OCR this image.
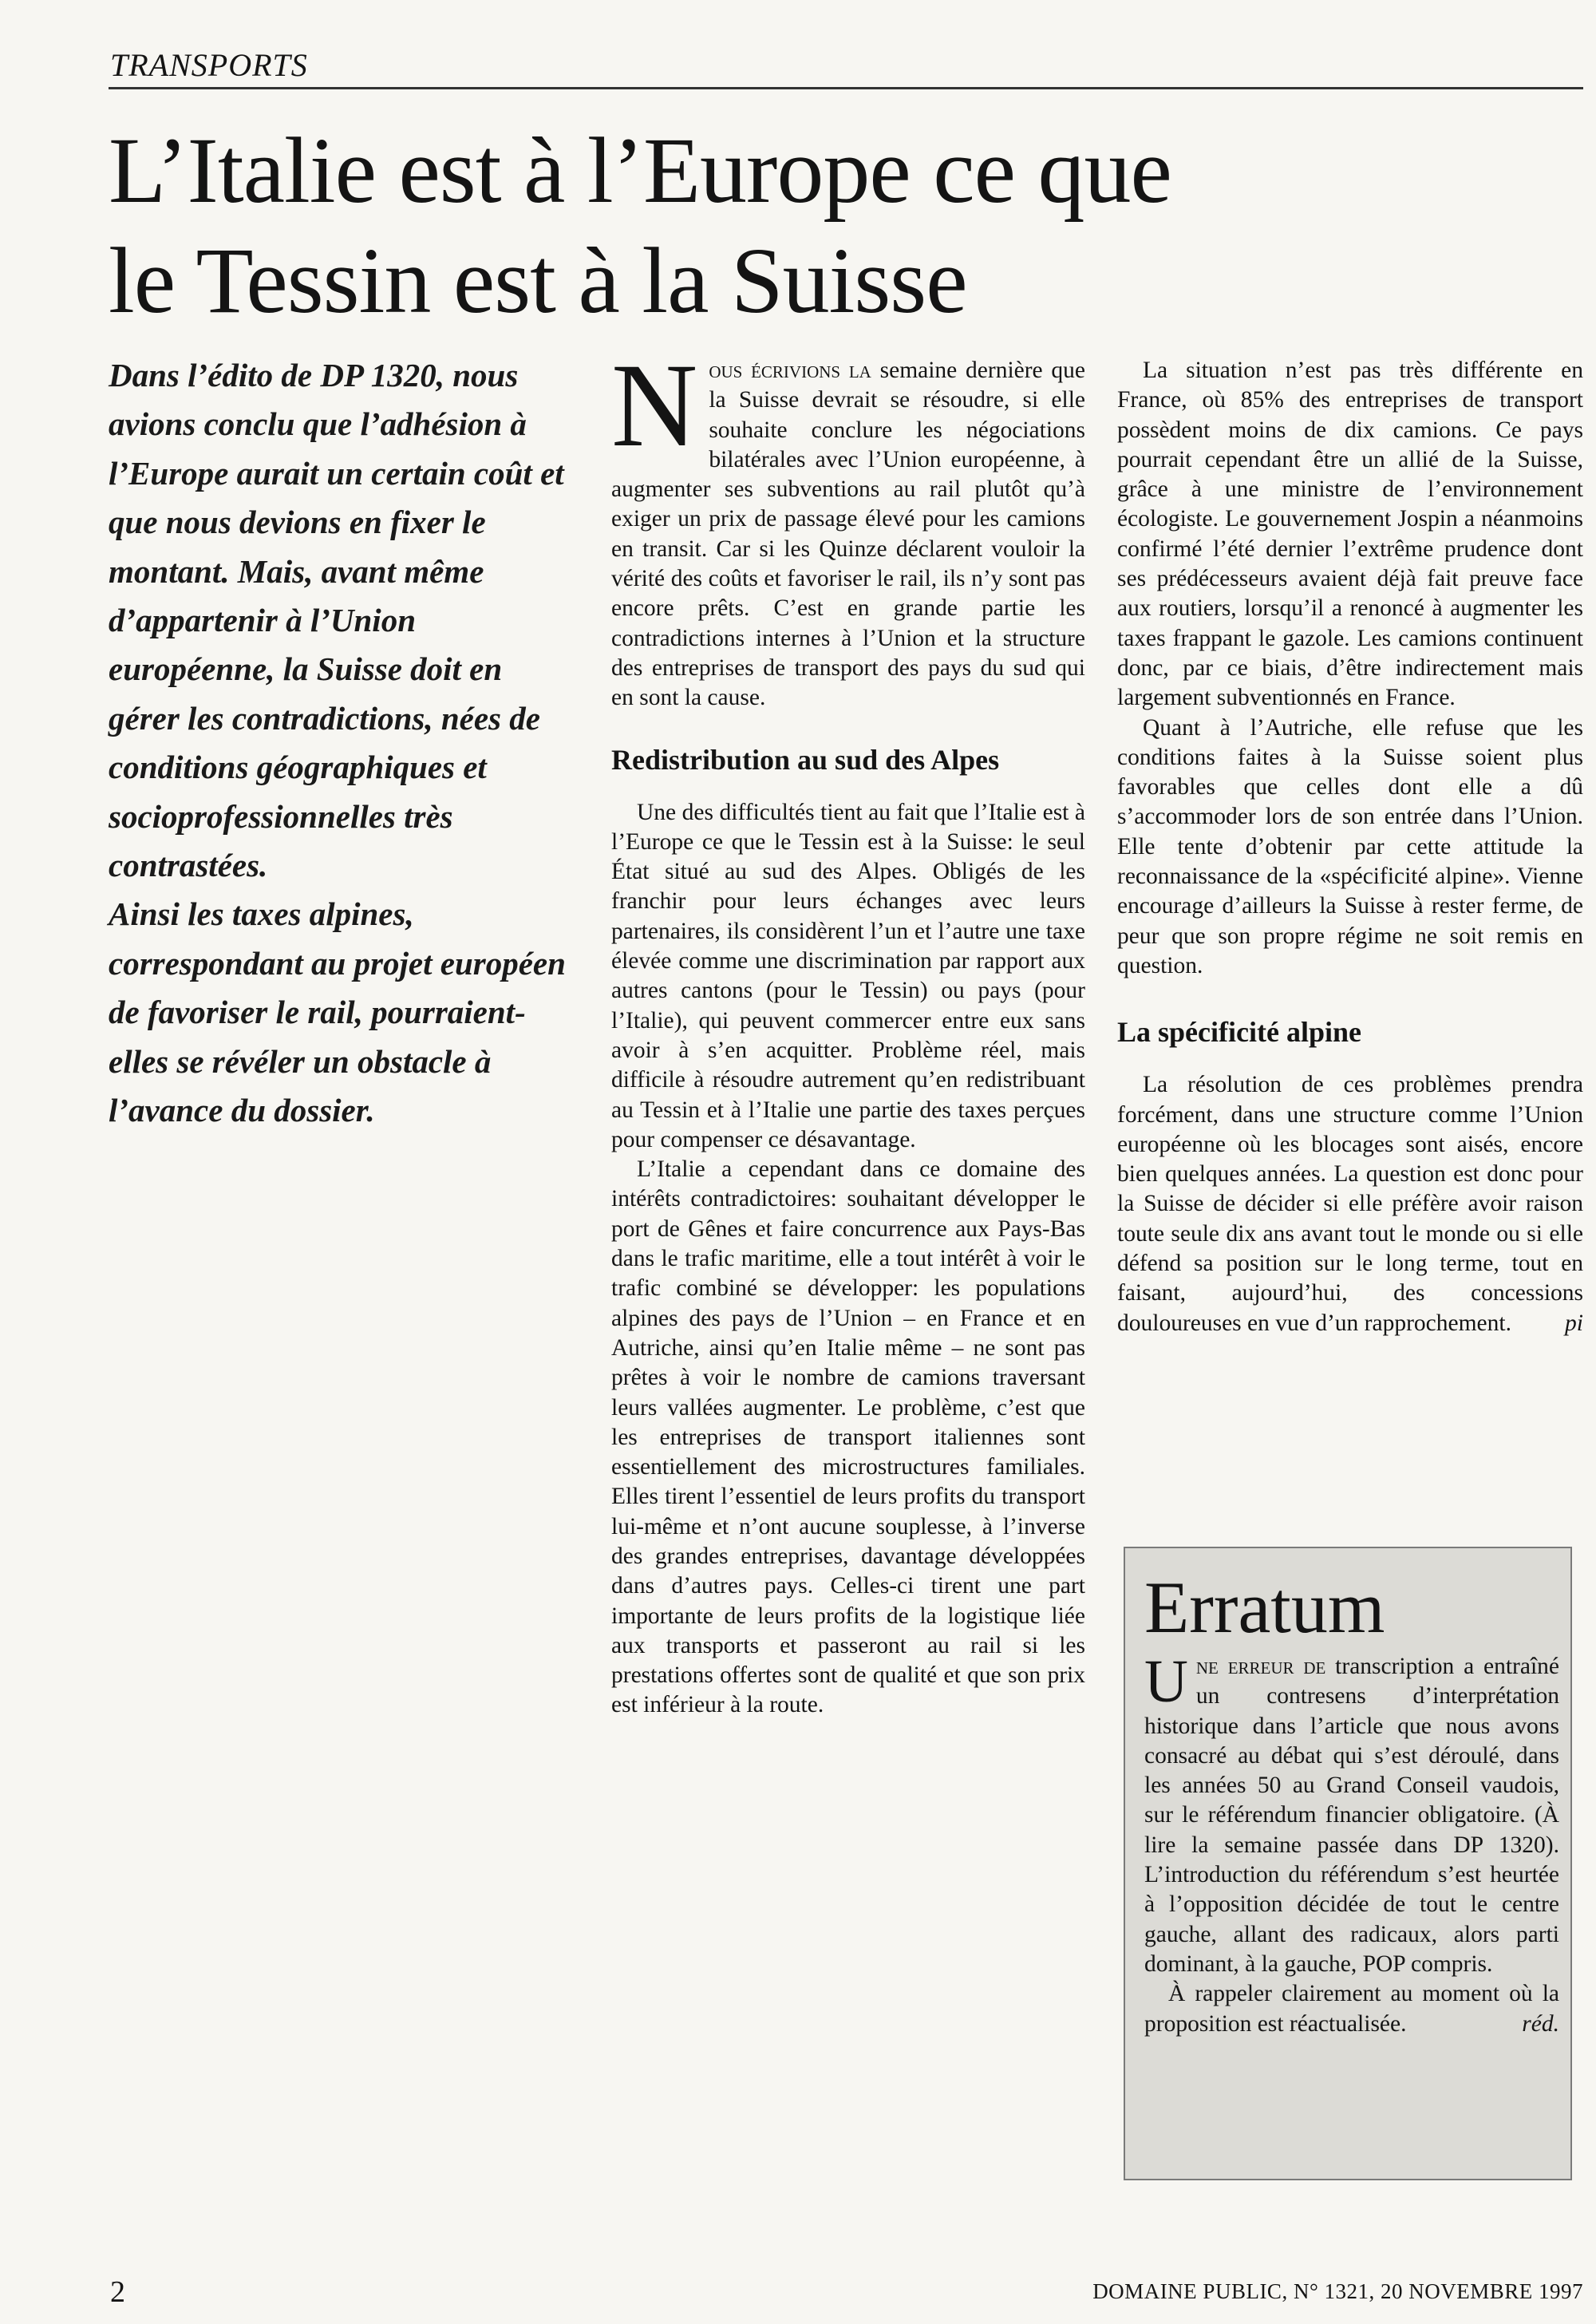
TRANSPORTS
L’Italie est à l’Europe ce que
le Tessin est à la Suisse

Dans l’édito de DP 1320, nous avions conclu que l’adhésion à l’Europe aurait un certain coût et que nous devions en fixer le montant. Mais, avant même d’appartenir à l’Union européenne, la Suisse doit en gérer les contradictions, nées de conditions géographiques et socioprofessionnelles très contrastées.

Ainsi les taxes alpines, correspondant au projet européen de favoriser le rail, pourraient-elles se révéler un obstacle à l’avance du dossier.

Nous écrivions la semaine dernière que la Suisse devrait se résoudre, si elle souhaite conclure les négociations bilatérales avec l’Union européenne, à augmenter ses subventions au rail plutôt qu’à exiger un prix de passage élevé pour les camions en transit. Car si les Quinze déclarent vouloir la vérité des coûts et favoriser le rail, ils n’y sont pas encore prêts. C’est en grande partie les contradictions internes à l’Union et la structure des entreprises de transport des pays du sud qui en sont la cause.

Redistribution au sud des Alpes

Une des difficultés tient au fait que l’Italie est à l’Europe ce que le Tessin est à la Suisse: le seul État situé au sud des Alpes. Obligés de les franchir pour leurs échanges avec leurs partenaires, ils considèrent l’un et l’autre une taxe élevée comme une discrimination par rapport aux autres cantons (pour le Tessin) ou pays (pour l’Italie), qui peuvent commercer entre eux sans avoir à s’en acquitter. Problème réel, mais difficile à résoudre autrement qu’en redistribuant au Tessin et à l’Italie une partie des taxes perçues pour compenser ce désavantage.

L’Italie a cependant dans ce domaine des intérêts contradictoires: souhaitant développer le port de Gênes et faire concurrence aux Pays-Bas dans le trafic maritime, elle a tout intérêt à voir le trafic combiné se développer: les populations alpines des pays de l’Union – en France et en Autriche, ainsi qu’en Italie même – ne sont pas prêtes à voir le nombre de camions traversant leurs vallées augmenter. Le problème, c’est que les entreprises de transport italiennes sont essentiellement des microstructures familiales. Elles tirent l’essentiel de leurs profits du transport lui-même et n’ont aucune souplesse, à l’inverse des grandes entreprises, davantage développées dans d’autres pays. Celles-ci tirent une part importante de leurs profits de la logistique liée aux transports et passeront au rail si les prestations offertes sont de qualité et que son prix est inférieur à la route.

La situation n’est pas très différente en France, où 85% des entreprises de transport possèdent moins de dix camions. Ce pays pourrait cependant être un allié de la Suisse, grâce à une ministre de l’environnement écologiste. Le gouvernement Jospin a néanmoins confirmé l’été dernier l’extrême prudence dont ses prédécesseurs avaient déjà fait preuve face aux routiers, lorsqu’il a renoncé à augmenter les taxes frappant le gazole. Les camions continuent donc, par ce biais, d’être indirectement mais largement subventionnés en France.

Quant à l’Autriche, elle refuse que les conditions faites à la Suisse soient plus favorables que celles dont elle a dû s’accommoder lors de son entrée dans l’Union. Elle tente d’obtenir par cette attitude la reconnaissance de la «spécificité alpine». Vienne encourage d’ailleurs la Suisse à rester ferme, de peur que son propre régime ne soit remis en question.

La spécificité alpine

La résolution de ces problèmes prendra forcément, dans une structure comme l’Union européenne où les blocages sont aisés, encore bien quelques années. La question est donc pour la Suisse de décider si elle préfère avoir raison toute seule dix ans avant tout le monde ou si elle défend sa position sur le long terme, tout en faisant, aujourd’hui, des concessions douloureuses en vue d’un rapprochement.	pi

Erratum

Une erreur de transcription a entraîné un contresens d’interprétation historique dans l’article que nous avons consacré au débat qui s’est déroulé, dans les années 50 au Grand Conseil vaudois, sur le référendum financier obligatoire. (À lire la semaine passée dans DP 1320). L’introduction du référendum s’est heurtée à l’opposition décidée de tout le centre gauche, allant des radicaux, alors parti dominant, à la gauche, POP compris.

À rappeler clairement au moment où la proposition est réactualisée.	réd.

2	DOMAINE PUBLIC, N° 1321, 20 NOVEMBRE 1997
